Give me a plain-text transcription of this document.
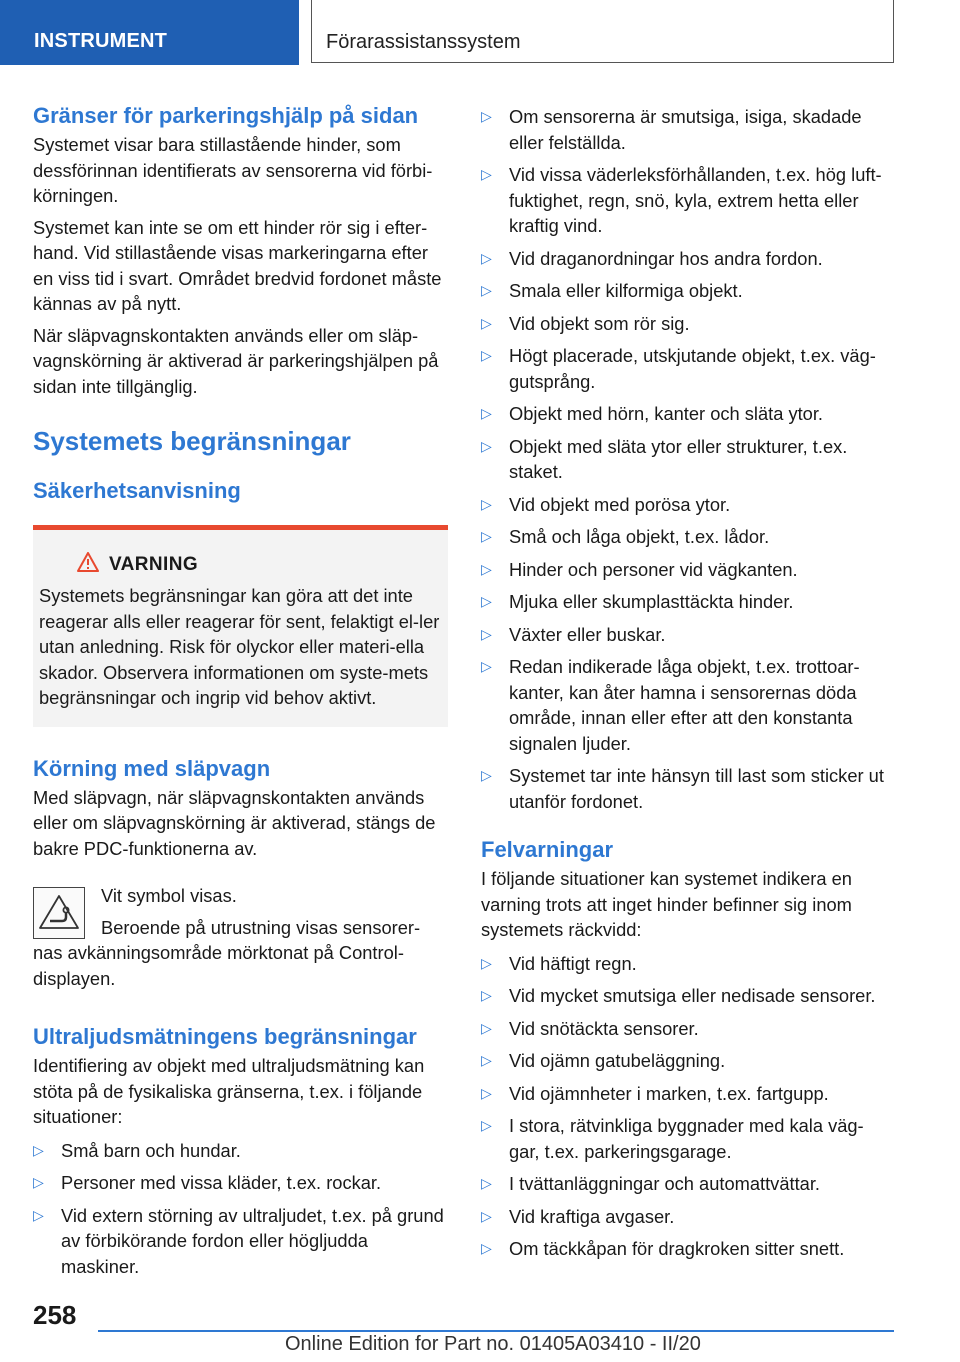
INSTRUMENT	Förarassistanssystem
Gränser för parkeringshjälp på sidan

Systemet visar bara stillastående hinder, som dessförinnan identifierats av sensorerna vid förbi-körningen.

Systemet kan inte se om ett hinder rör sig i efter-hand. Vid stillastående visas markeringarna efter en viss tid i svart. Området bredvid fordonet måste kännas av på nytt.

När släpvagnskontakten används eller om släp-vagnskörning är aktiverad är parkeringshjälpen på sidan inte tillgänglig.

Systemets begränsningar
Säkerhetsanvisning
VARNING

Systemets begränsningar kan göra att det inte reagerar alls eller reagerar för sent, felaktigt el-ler utan anledning. Risk för olyckor eller materi-ella skador. Observera informationen om syste-mets begränsningar och ingrip vid behov aktivt.

Körning med släpvagn

Med släpvagn, när släpvagnskontakten används eller om släpvagnskörning är aktiverad, stängs de bakre PDC-funktionerna av.

Vit symbol visas.

Beroende på utrustning visas sensorer-nas avkänningsområde mörktonat på Control-displayen.

Ultraljudsmätningens begränsningar

Identifiering av objekt med ultraljudsmätning kan stöta på de fysikaliska gränserna, t.ex. i följande situationer:

▷ Små barn och hundar.
▷ Personer med vissa kläder, t.ex. rockar.
▷ Vid extern störning av ultraljudet, t.ex. på grund av förbikörande fordon eller högljudda maskiner.
▷ Om sensorerna är smutsiga, isiga, skadade eller felställda.
▷ Vid vissa väderleksförhållanden, t.ex. hög luft-fuktighet, regn, snö, kyla, extrem hetta eller kraftig vind.
▷ Vid draganordningar hos andra fordon.
▷ Smala eller kilformiga objekt.
▷ Vid objekt som rör sig.
▷ Högt placerade, utskjutande objekt, t.ex. väg-gutsprång.
▷ Objekt med hörn, kanter och släta ytor.
▷ Objekt med släta ytor eller strukturer, t.ex. staket.
▷ Vid objekt med porösa ytor.
▷ Små och låga objekt, t.ex. lådor.
▷ Hinder och personer vid vägkanten.
▷ Mjuka eller skumplasttäckta hinder.
▷ Växter eller buskar.
▷ Redan indikerade låga objekt, t.ex. trottoar-kanter, kan åter hamna i sensorernas döda område, innan eller efter att den konstanta signalen ljuder.
▷ Systemet tar inte hänsyn till last som sticker ut utanför fordonet.
Felvarningar

I följande situationer kan systemet indikera en varning trots att inget hinder befinner sig inom systemets räckvidd:

▷ Vid häftigt regn.
▷ Vid mycket smutsiga eller nedisade sensorer.
▷ Vid snötäckta sensorer.
▷ Vid ojämn gatubeläggning.
▷ Vid ojämnheter i marken, t.ex. fartgupp.
▷ I stora, rätvinkliga byggnader med kala väg-gar, t.ex. parkeringsgarage.
▷ I tvättanläggningar och automattvättar.
▷ Vid kraftiga avgaser.
▷ Om täckkåpan för dragkroken sitter snett.
258
Online Edition for Part no. 01405A03410 - II/20
